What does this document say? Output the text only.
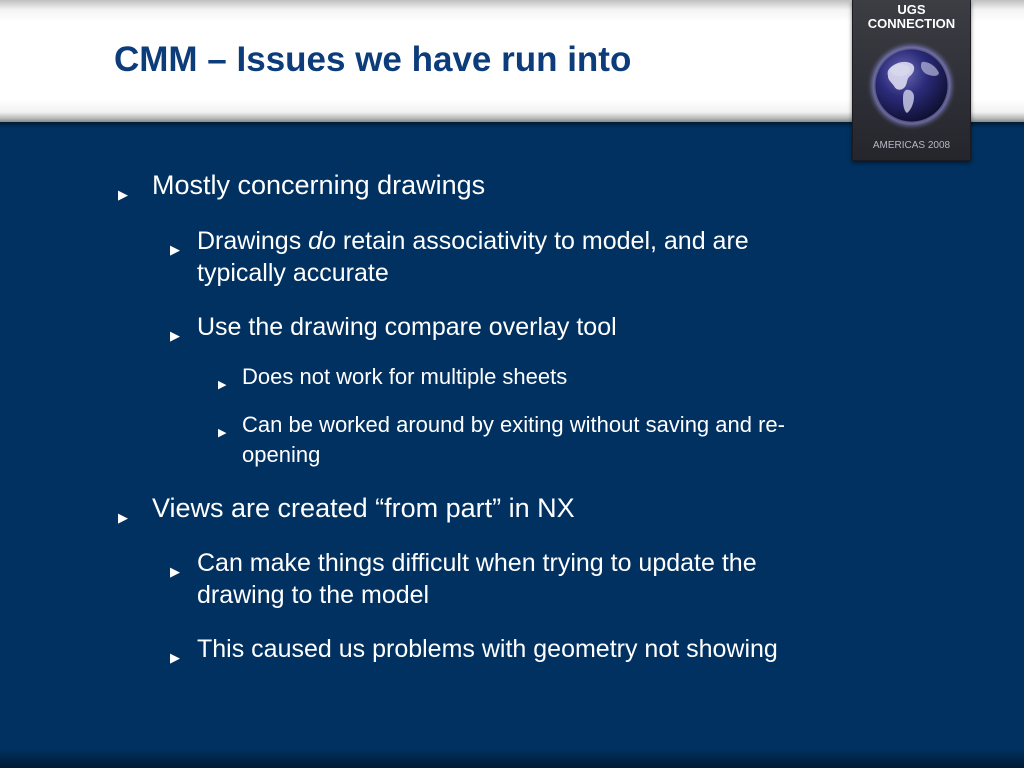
CMM – Issues we have run into
UGS
CONNECTION
AMERICAS 2008
▶ Mostly concerning drawings
▶ Drawings do retain associativity to model, and are
typically accurate
▶ Use the drawing compare overlay tool
▶ Does not work for multiple sheets
▶ Can be worked around by exiting without saving and re-
opening
▶ Views are created “from part” in NX
▶ Can make things difficult when trying to update the
drawing to the model
▶ This caused us problems with geometry not showing
